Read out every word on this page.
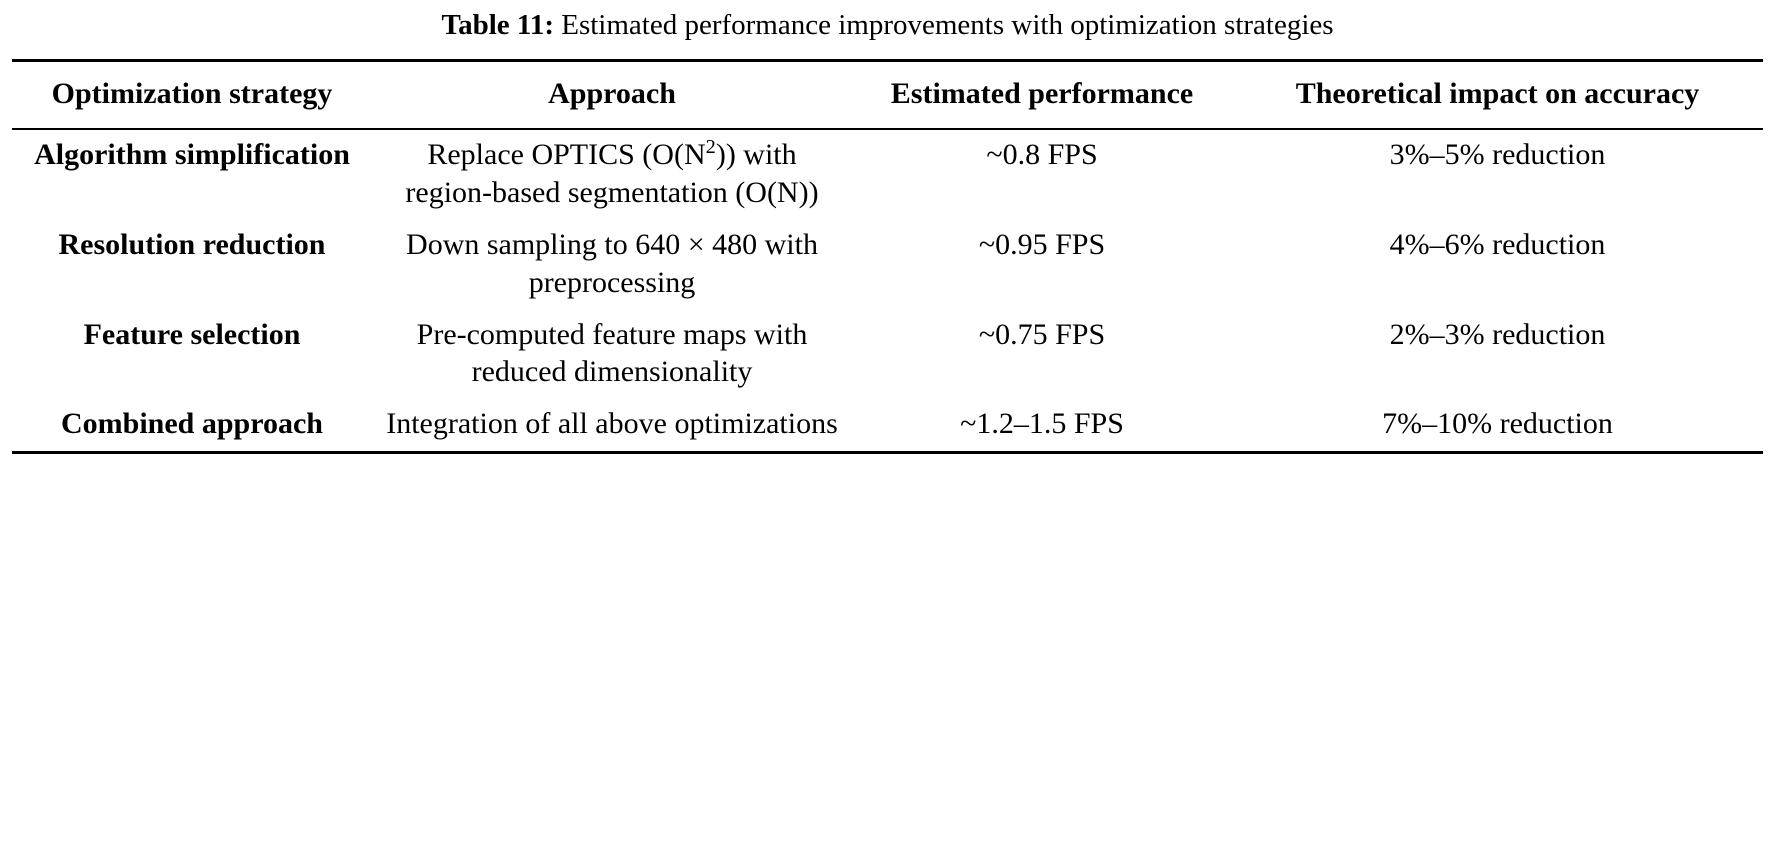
Table 11: Estimated performance improvements with optimization strategies
Optimization strategy	Approach	Estimated performance	Theoretical impact on accuracy
Algorithm simplification	Replace OPTICS $(O(N^2))$ with region-based segmentation (O(N))	~0.8 FPS	3%–5% reduction
Resolution reduction	Down sampling to 640 × 480 with preprocessing	~0.95 FPS	4%–6% reduction
Feature selection	Pre-computed feature maps with reduced dimensionality	~0.75 FPS	2%–3% reduction
Combined approach	Integration of all above optimizations	~1.2–1.5 FPS	7%–10% reduction
